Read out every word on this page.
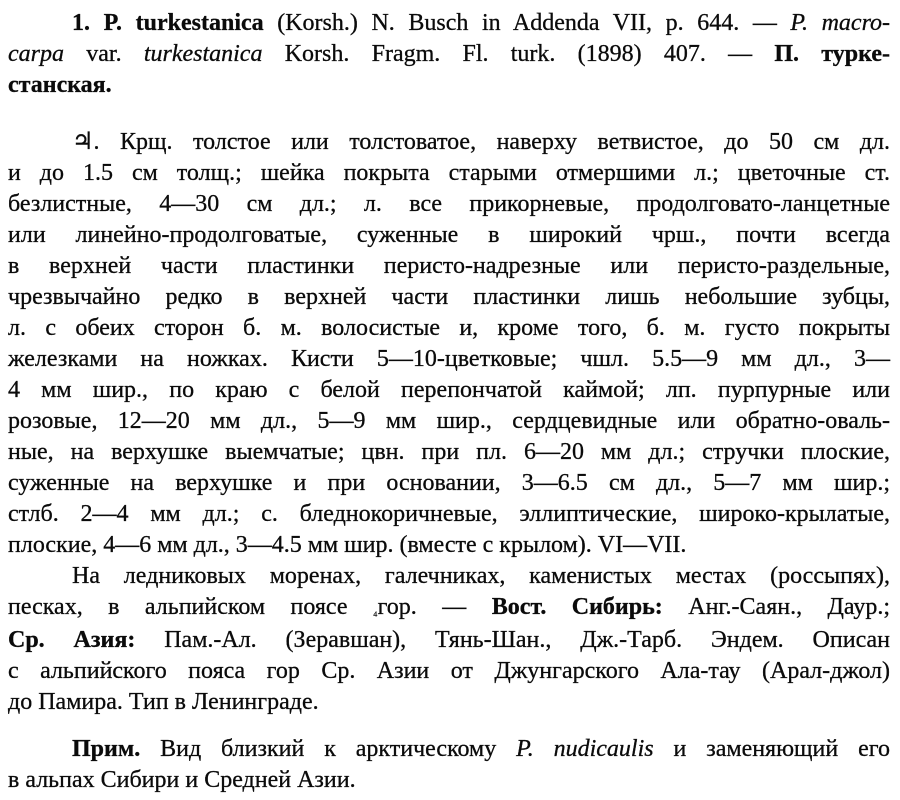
1. P. turkestanica (Korsh.) N. Busch in Addenda VII, p. 644. — P. macro-
carpa var. turkestanica Korsh. Fragm. Fl. turk. (1898) 407. — П. турке-
станская.
♃. Крщ. толстое или толстоватое, наверху ветвистое, до 50 см дл.
и до 1.5 см толщ.; шейка покрыта старыми отмершими л.; цветочные ст.
безлистные, 4—30 см дл.; л. все прикорневые, продолговато-ланцетные
или линейно-продолговатые, суженные в широкий чрш., почти всегда
в верхней части пластинки перисто-надрезные или перисто-раздельные,
чрезвычайно редко в верхней части пластинки лишь небольшие зубцы,
л. с обеих сторон б. м. волосистые и, кроме того, б. м. густо покрыты
железками на ножках. Кисти 5—10-цветковые; чшл. 5.5—9 мм дл., 3—
4 мм шир., по краю с белой перепончатой каймой; лп. пурпурные или
розовые, 12—20 мм дл., 5—9 мм шир., сердцевидные или обратно-оваль-
ные, на верхушке выемчатые; цвн. при пл. 6—20 мм дл.; стручки плоские,
суженные на верхушке и при основании, 3—6.5 см дл., 5—7 мм шир.;
стлб. 2—4 мм дл.; с. бледнокоричневые, эллиптические, широко-крылатые,
плоские, 4—6 мм дл., 3—4.5 мм шир. (вместе с крылом). VI—VII.
На ледниковых моренах, галечниках, каменистых местах (россыпях),
песках, в альпийском поясе ₄гор. — Вост. Сибирь: Анг.-Саян., Даур.;
Ср. Азия: Пам.-Ал. (Зеравшан), Тянь-Шан., Дж.-Тарб. Эндем. Описан
с альпийского пояса гор Ср. Азии от Джунгарского Ала-тау (Арал-джол)
до Памира. Тип в Ленинграде.
Прим. Вид близкий к арктическому P. nudicaulis и заменяющий его
в альпах Сибири и Средней Азии.
